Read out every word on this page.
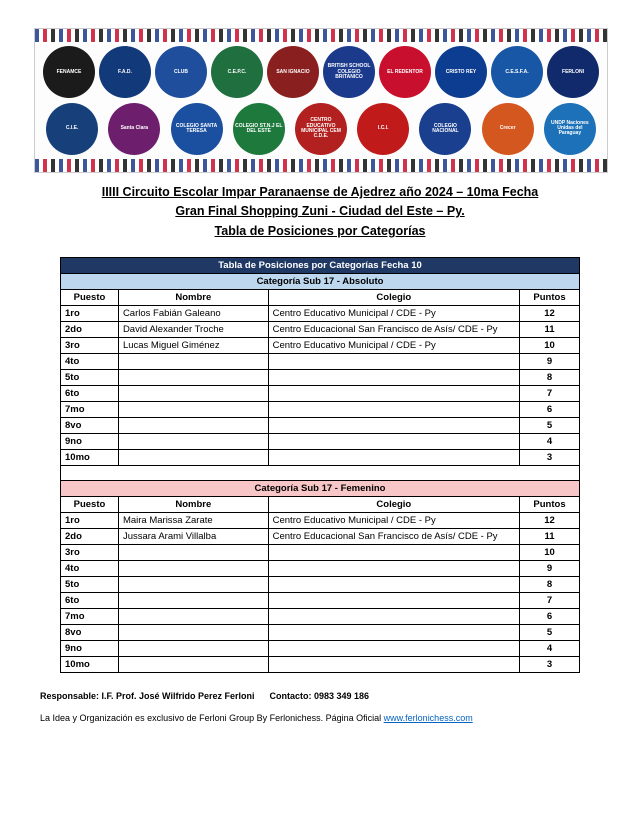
FENAMCE	F.A.D.	CLUB	C.E.P.C.	SAN IGNACIO
BRITISH SCHOOL COLEGIO BRITANICO
EL REDENTOR	CRISTO REY	C.E.S.F.A.	FERLONI
C.I.E.	Santa Clara	COLEGIO SANTA TERESA
COLEGIO ST.N.J EL DEL ESTE
CENTRO EDUCATIVO MUNICIPAL CEM C.D.E.
I.C.I.	COLEGIO NACIONAL	Crecer
UNDP Naciones Unidas del Paraguay
IIIII Circuito Escolar Impar Paranaense de Ajedrez año 2024 – 10ma Fecha
Gran Final Shopping Zuni - Ciudad del Este – Py.
Tabla de Posiciones por Categorías
Tabla de Posiciones por Categorías Fecha 10			
Categoría Sub 17 - Absoluto			
Puesto	Nombre	Colegio	Puntos
1ro	Carlos Fabián Galeano	Centro Educativo Municipal / CDE - Py	12
2do	David Alexander Troche	Centro Educacional San Francisco de Asís/ CDE - Py	11
3ro	Lucas Miguel Giménez	Centro Educativo Municipal / CDE - Py	10
4to			9
5to			8
6to			7
7mo			6
8vo			5
9no			4
10mo			3

Categoría Sub 17 - Femenino			
Puesto	Nombre	Colegio	Puntos
1ro	Maira Marissa Zarate	Centro Educativo Municipal / CDE - Py	12
2do	Jussara Arami Villalba	Centro Educacional San Francisco de Asís/ CDE - Py	11
3ro			10
4to			9
5to			8
6to			7
7mo			6
8vo			5
9no			4
10mo			3
Responsable: I.F. Prof. José Wilfrido Perez Ferloni Contacto: 0983 349 186
La Idea y Organización es exclusivo de Ferloni Group By Ferlonichess. Página Oficial www.ferlonichess.com
